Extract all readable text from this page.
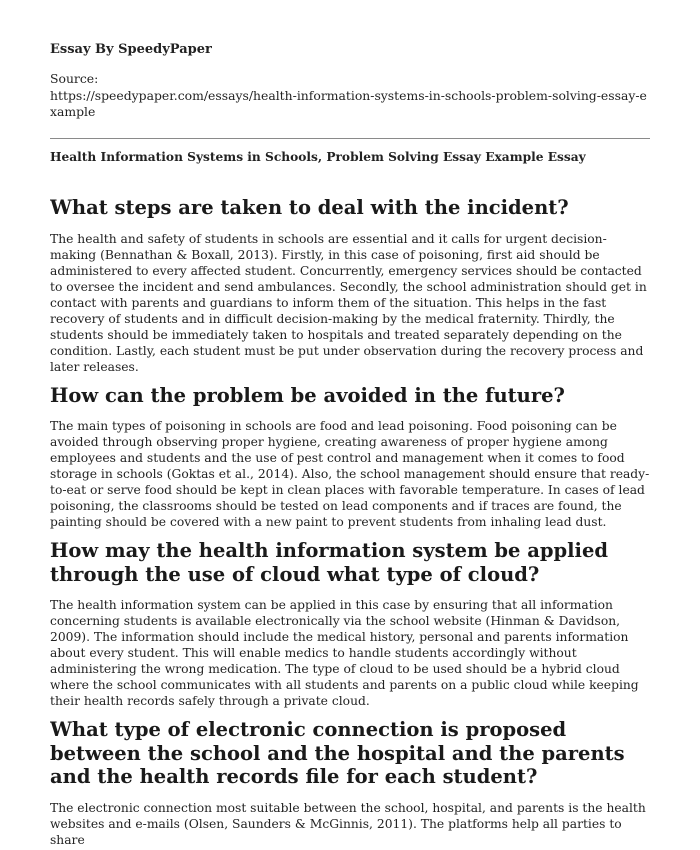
Essay By SpeedyPaper

Source:
https://speedypaper.com/essays/health-information-systems-in-schools-problem-solving-essay-example

Health Information Systems in Schools, Problem Solving Essay Example Essay

What steps are taken to deal with the incident?

The health and safety of students in schools are essential and it calls for urgent decision-making (Bennathan & Boxall, 2013). Firstly, in this case of poisoning, first aid should be administered to every affected student. Concurrently, emergency services should be contacted to oversee the incident and send ambulances. Secondly, the school administration should get in contact with parents and guardians to inform them of the situation. This helps in the fast recovery of students and in difficult decision-making by the medical fraternity. Thirdly, the students should be immediately taken to hospitals and treated separately depending on the condition. Lastly, each student must be put under observation during the recovery process and later releases.

How can the problem be avoided in the future?

The main types of poisoning in schools are food and lead poisoning. Food poisoning can be avoided through observing proper hygiene, creating awareness of proper hygiene among employees and students and the use of pest control and management when it comes to food storage in schools (Goktas et al., 2014). Also, the school management should ensure that ready-to-eat or serve food should be kept in clean places with favorable temperature. In cases of lead poisoning, the classrooms should be tested on lead components and if traces are found, the painting should be covered with a new paint to prevent students from inhaling lead dust.

How may the health information system be applied through the use of cloud what type of cloud?

The health information system can be applied in this case by ensuring that all information concerning students is available electronically via the school website (Hinman & Davidson, 2009). The information should include the medical history, personal and parents information about every student. This will enable medics to handle students accordingly without administering the wrong medication. The type of cloud to be used should be a hybrid cloud where the school communicates with all students and parents on a public cloud while keeping their health records safely through a private cloud.

What type of electronic connection is proposed between the school and the hospital and the parents and the health records file for each student?

The electronic connection most suitable between the school, hospital, and parents is the health websites and e-mails (Olsen, Saunders & McGinnis, 2011). The platforms help all parties to share
